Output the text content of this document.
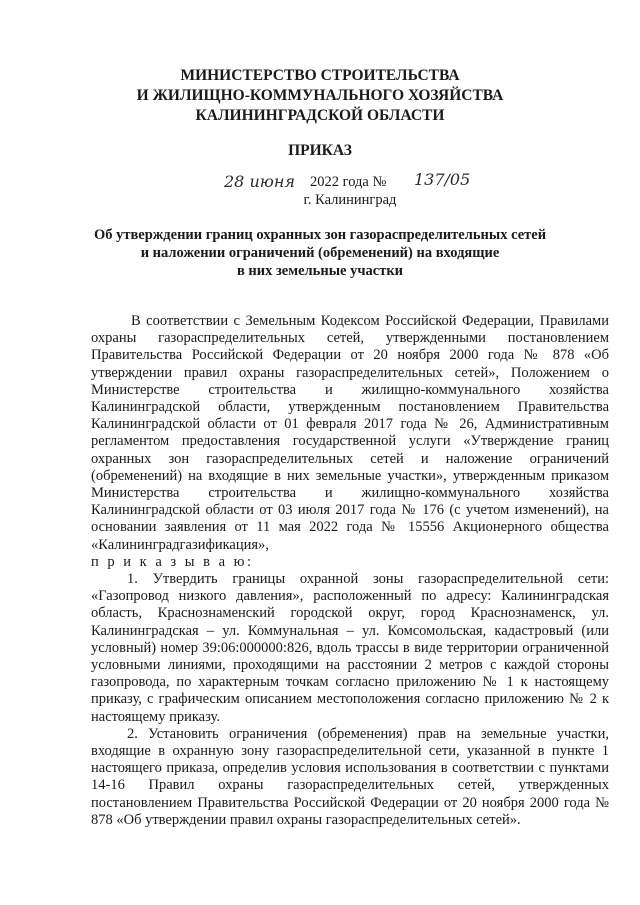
МИНИСТЕРСТВО СТРОИТЕЛЬСТВА
И ЖИЛИЩНО-КОММУНАЛЬНОГО ХОЗЯЙСТВА
КАЛИНИНГРАДСКОЙ ОБЛАСТИ
ПРИКАЗ
28 июня 2022 года № 137/05
г. Калининград
Об утверждении границ охранных зон газораспределительных сетей
и наложении ограничений (обременений) на входящие
в них земельные участки

В соответствии с Земельным Кодексом Российской Федерации, Правилами охраны газораспределительных сетей, утвержденными постановлением Правительства Российской Федерации от 20 ноября 2000 года № 878 «Об утверждении правил охраны газораспределительных сетей», Положением о Министерстве строительства и жилищно-коммунального хозяйства Калининградской области, утвержденным постановлением Правительства Калининградской области от 01 февраля 2017 года № 26, Административным регламентом предоставления государственной услуги «Утверждение границ охранных зон газораспределительных сетей и наложение ограничений (обременений) на входящие в них земельные участки», утвержденным приказом Министерства строительства и жилищно-коммунального хозяйства Калининградской области от 03 июля 2017 года № 176 (с учетом изменений), на основании заявления от 11 мая 2022 года № 15556 Акционерного общества «Калининградгазификация»,

п р и к а з ы в а ю:

1. Утвердить границы охранной зоны газораспределительной сети: «Газопровод низкого давления», расположенный по адресу: Калининградская область, Краснознаменский городской округ, город Краснознаменск, ул. Калининградская – ул. Коммунальная – ул. Комсомольская, кадастровый (или условный) номер 39:06:000000:826, вдоль трассы в виде территории ограниченной условными линиями, проходящими на расстоянии 2 метров с каждой стороны газопровода, по характерным точкам согласно приложению № 1 к настоящему приказу, с графическим описанием местоположения согласно приложению № 2 к настоящему приказу.

2. Установить ограничения (обременения) прав на земельные участки, входящие в охранную зону газораспределительной сети, указанной в пункте 1 настоящего приказа, определив условия использования в соответствии с пунктами 14-16 Правил охраны газораспределительных сетей, утвержденных постановлением Правительства Российской Федерации от 20 ноября 2000 года № 878 «Об утверждении правил охраны газораспределительных сетей».
